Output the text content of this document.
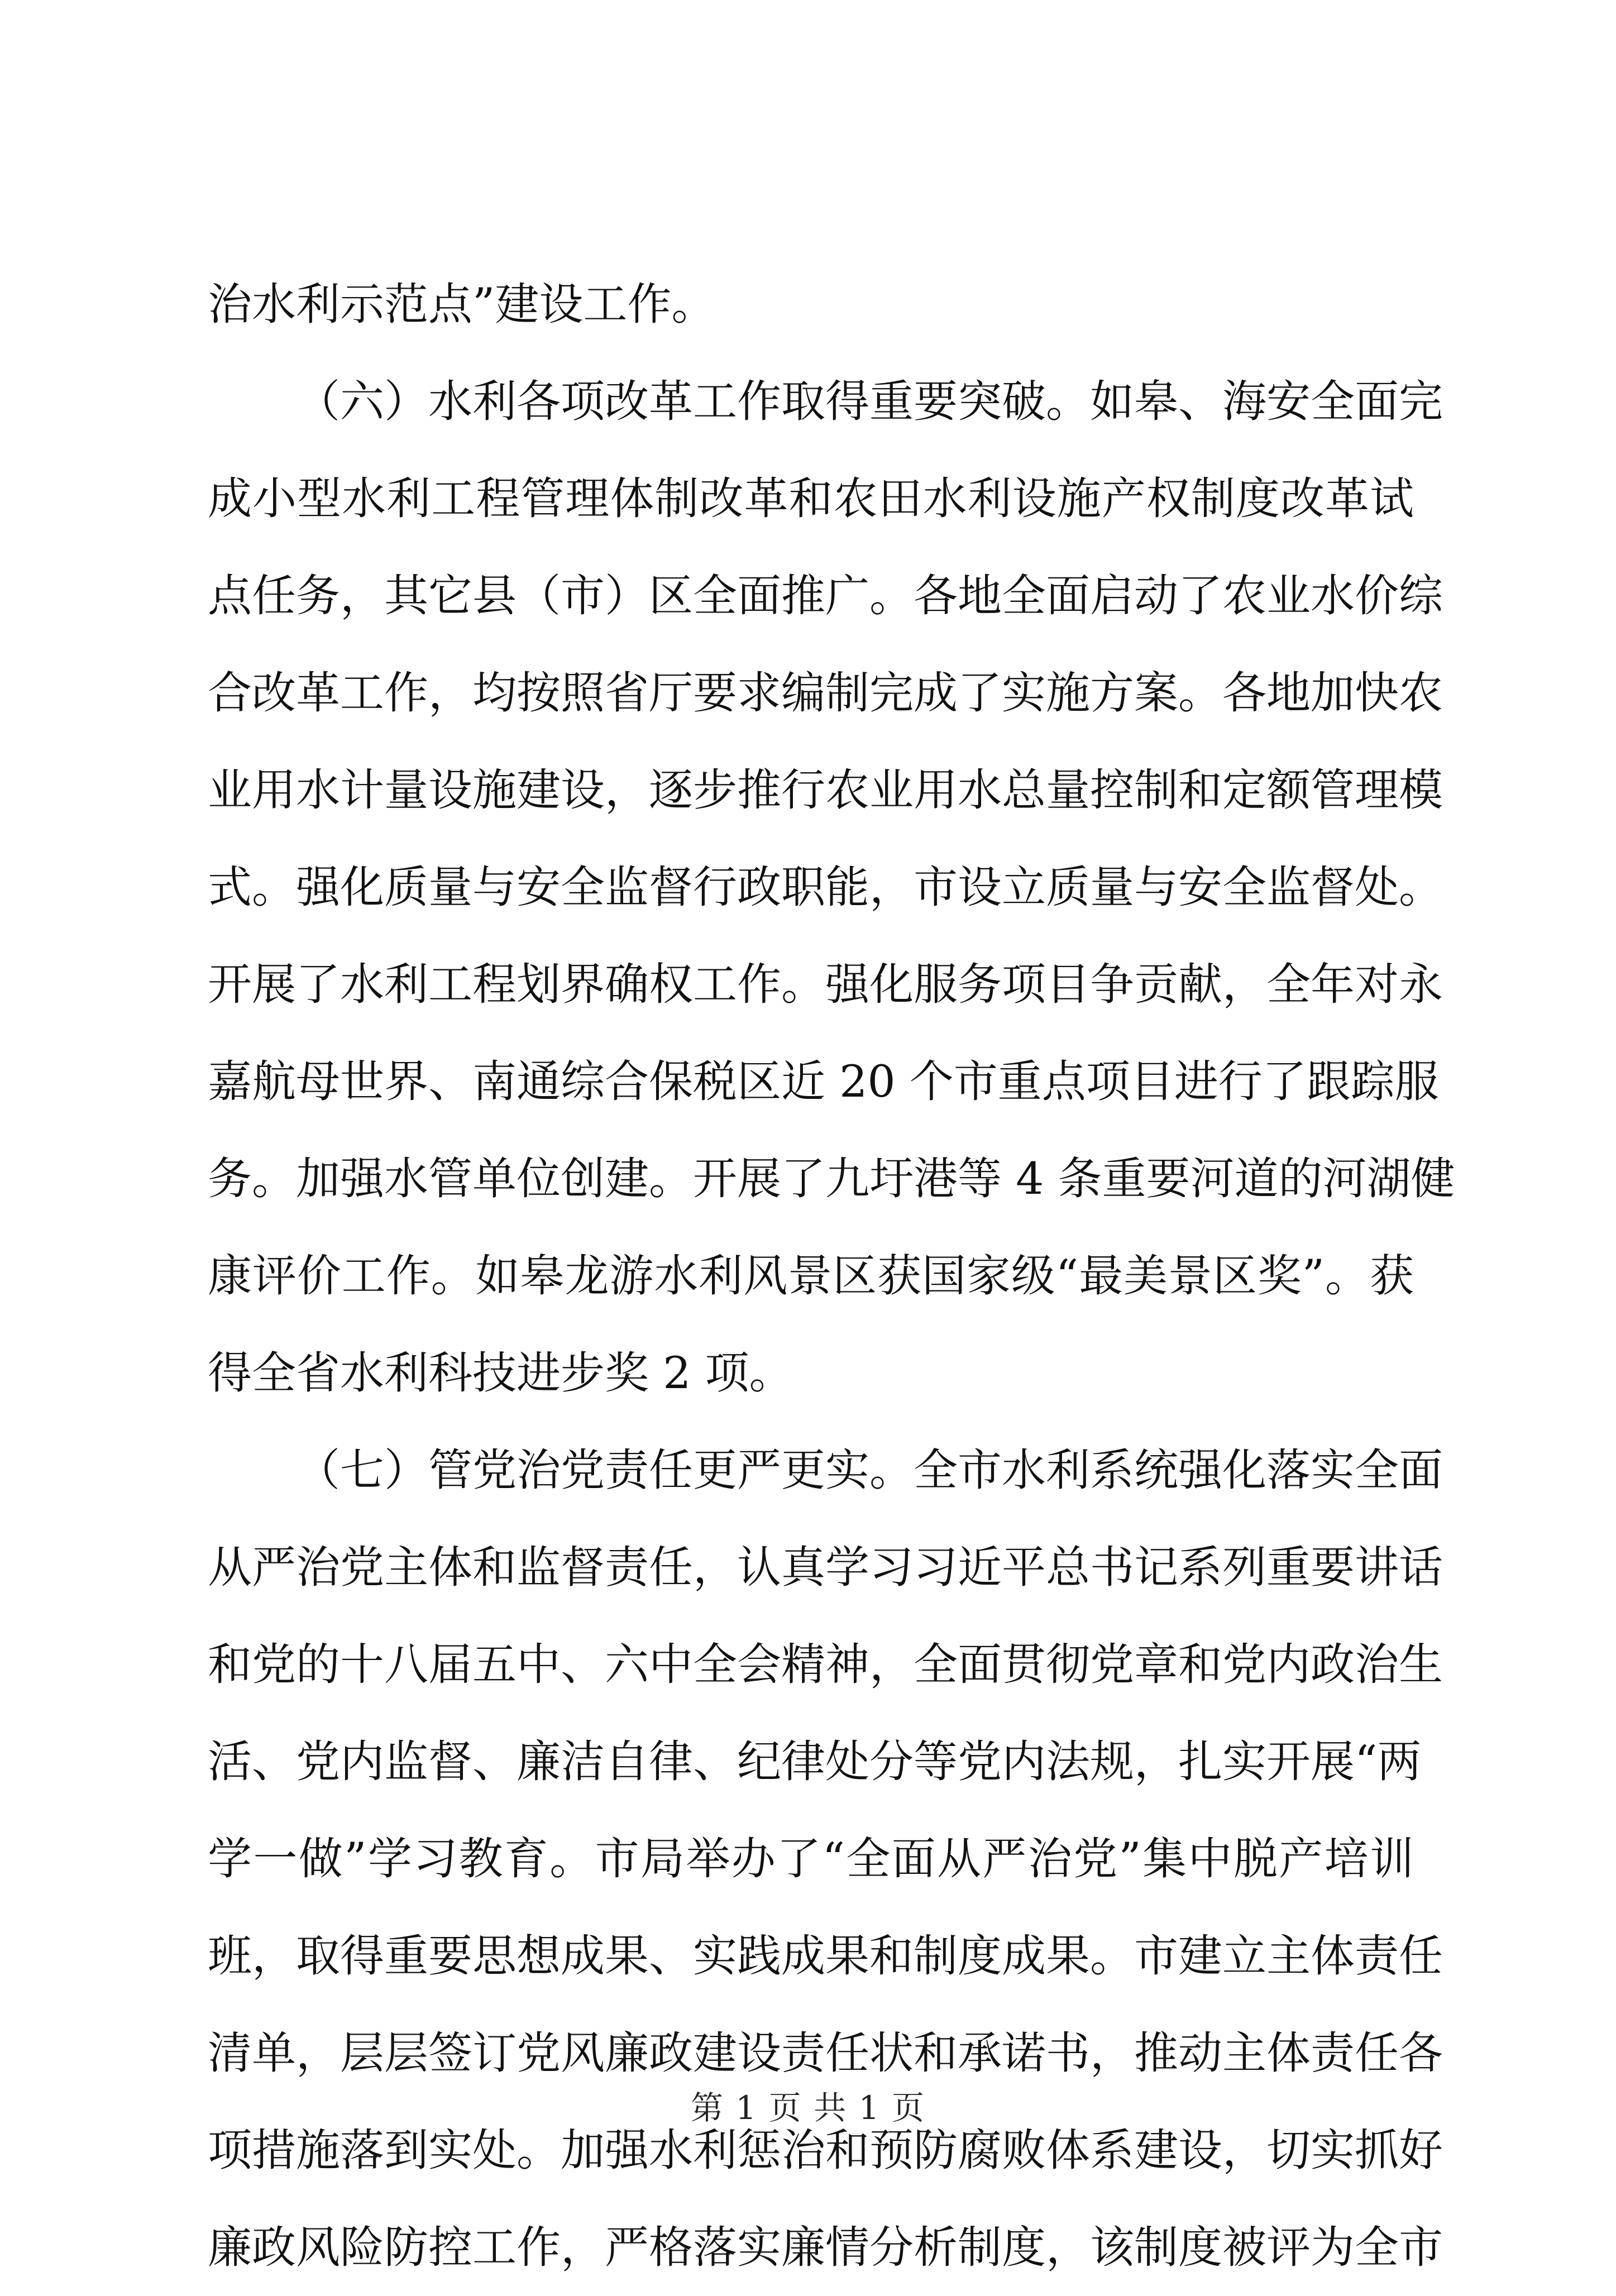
治水利示范点”建设工作。
（六）水利各项改革工作取得重要突破。如皋、海安全面完
成小型水利工程管理体制改革和农田水利设施产权制度改革试
点任务，其它县（市）区全面推广。各地全面启动了农业水价综
合改革工作，均按照省厅要求编制完成了实施方案。各地加快农
业用水计量设施建设，逐步推行农业用水总量控制和定额管理模
式。强化质量与安全监督行政职能，市设立质量与安全监督处。
开展了水利工程划界确权工作。强化服务项目争贡献，全年对永
嘉航母世界、南通综合保税区近 20 个市重点项目进行了跟踪服
务。加强水管单位创建。开展了九圩港等 4 条重要河道的河湖健
康评价工作。如皋龙游水利风景区获国家级“最美景区奖”。获
得全省水利科技进步奖 2 项。
（七）管党治党责任更严更实。全市水利系统强化落实全面
从严治党主体和监督责任，认真学习习近平总书记系列重要讲话
和党的十八届五中、六中全会精神，全面贯彻党章和党内政治生
活、党内监督、廉洁自律、纪律处分等党内法规，扎实开展“两
学一做”学习教育。市局举办了“全面从严治党”集中脱产培训
班，取得重要思想成果、实践成果和制度成果。市建立主体责任
清单，层层签订党风廉政建设责任状和承诺书，推动主体责任各
项措施落到实处。加强水利惩治和预防腐败体系建设，切实抓好
廉政风险防控工作，严格落实廉情分析制度，该制度被评为全市
第 1 页 共 1 页
